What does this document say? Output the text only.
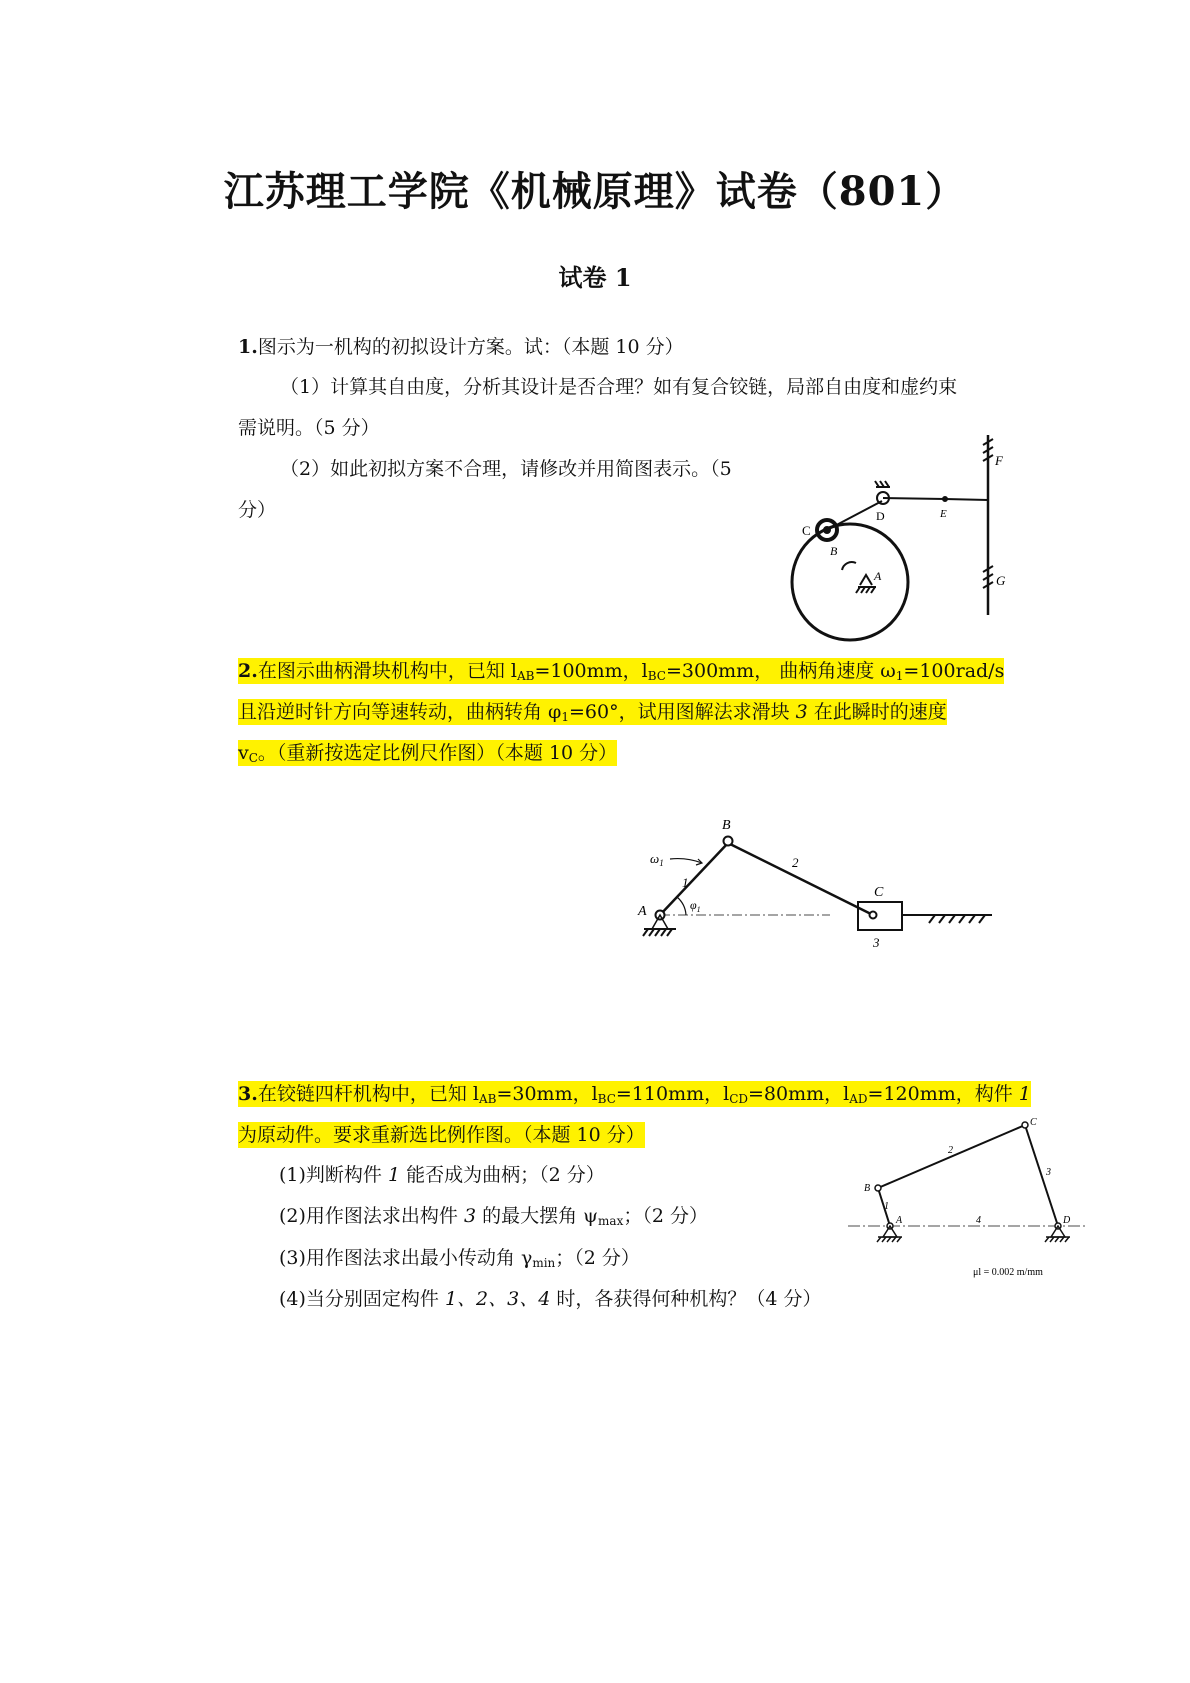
江苏理工学院《机械原理》试卷（801）
试卷 1
1.图示为一机构的初拟设计方案。试：（本题 10 分）
（1）计算其自由度，分析其设计是否合理？如有复合铰链，局部自由度和虚约束
需说明。（5 分）
（2）如此初拟方案不合理，请修改并用简图表示。（5
分）
C
B
D
A
E
F
G
2.在图示曲柄滑块机构中，已知 $l_{AB}=100mm$，$l_{BC}=300mm$， 曲柄角速度 $\omega_1=100rad/s$
且沿逆时针方向等速转动，曲柄转角 $\varphi_1=60^\circ$，试用图解法求滑块 3 在此瞬时的速度
$v_C$。（重新按选定比例尺作图）（本题 10 分）
B
A
C
$\omega_1$
$\varphi_1$
1
2
3
3.在铰链四杆机构中，已知 $l_{AB}=30mm$，$l_{BC}=110mm$，$l_{CD}=80mm$，$l_{AD}=120mm$，构件 1
为原动件。要求重新选比例作图。（本题 10 分）
(1)判断构件 1 能否成为曲柄；（2 分）
(2)用作图法求出构件 3 的最大摆角 $\psi_{max}$；（2 分）
(3)用作图法求出最小传动角 $\gamma_{min}$；（2 分）
(4)当分别固定构件 1、2、3、4 时，各获得何种机构？（4 分）
B
A
C
D
1
2
3
4
μl = 0.002 m/mm
